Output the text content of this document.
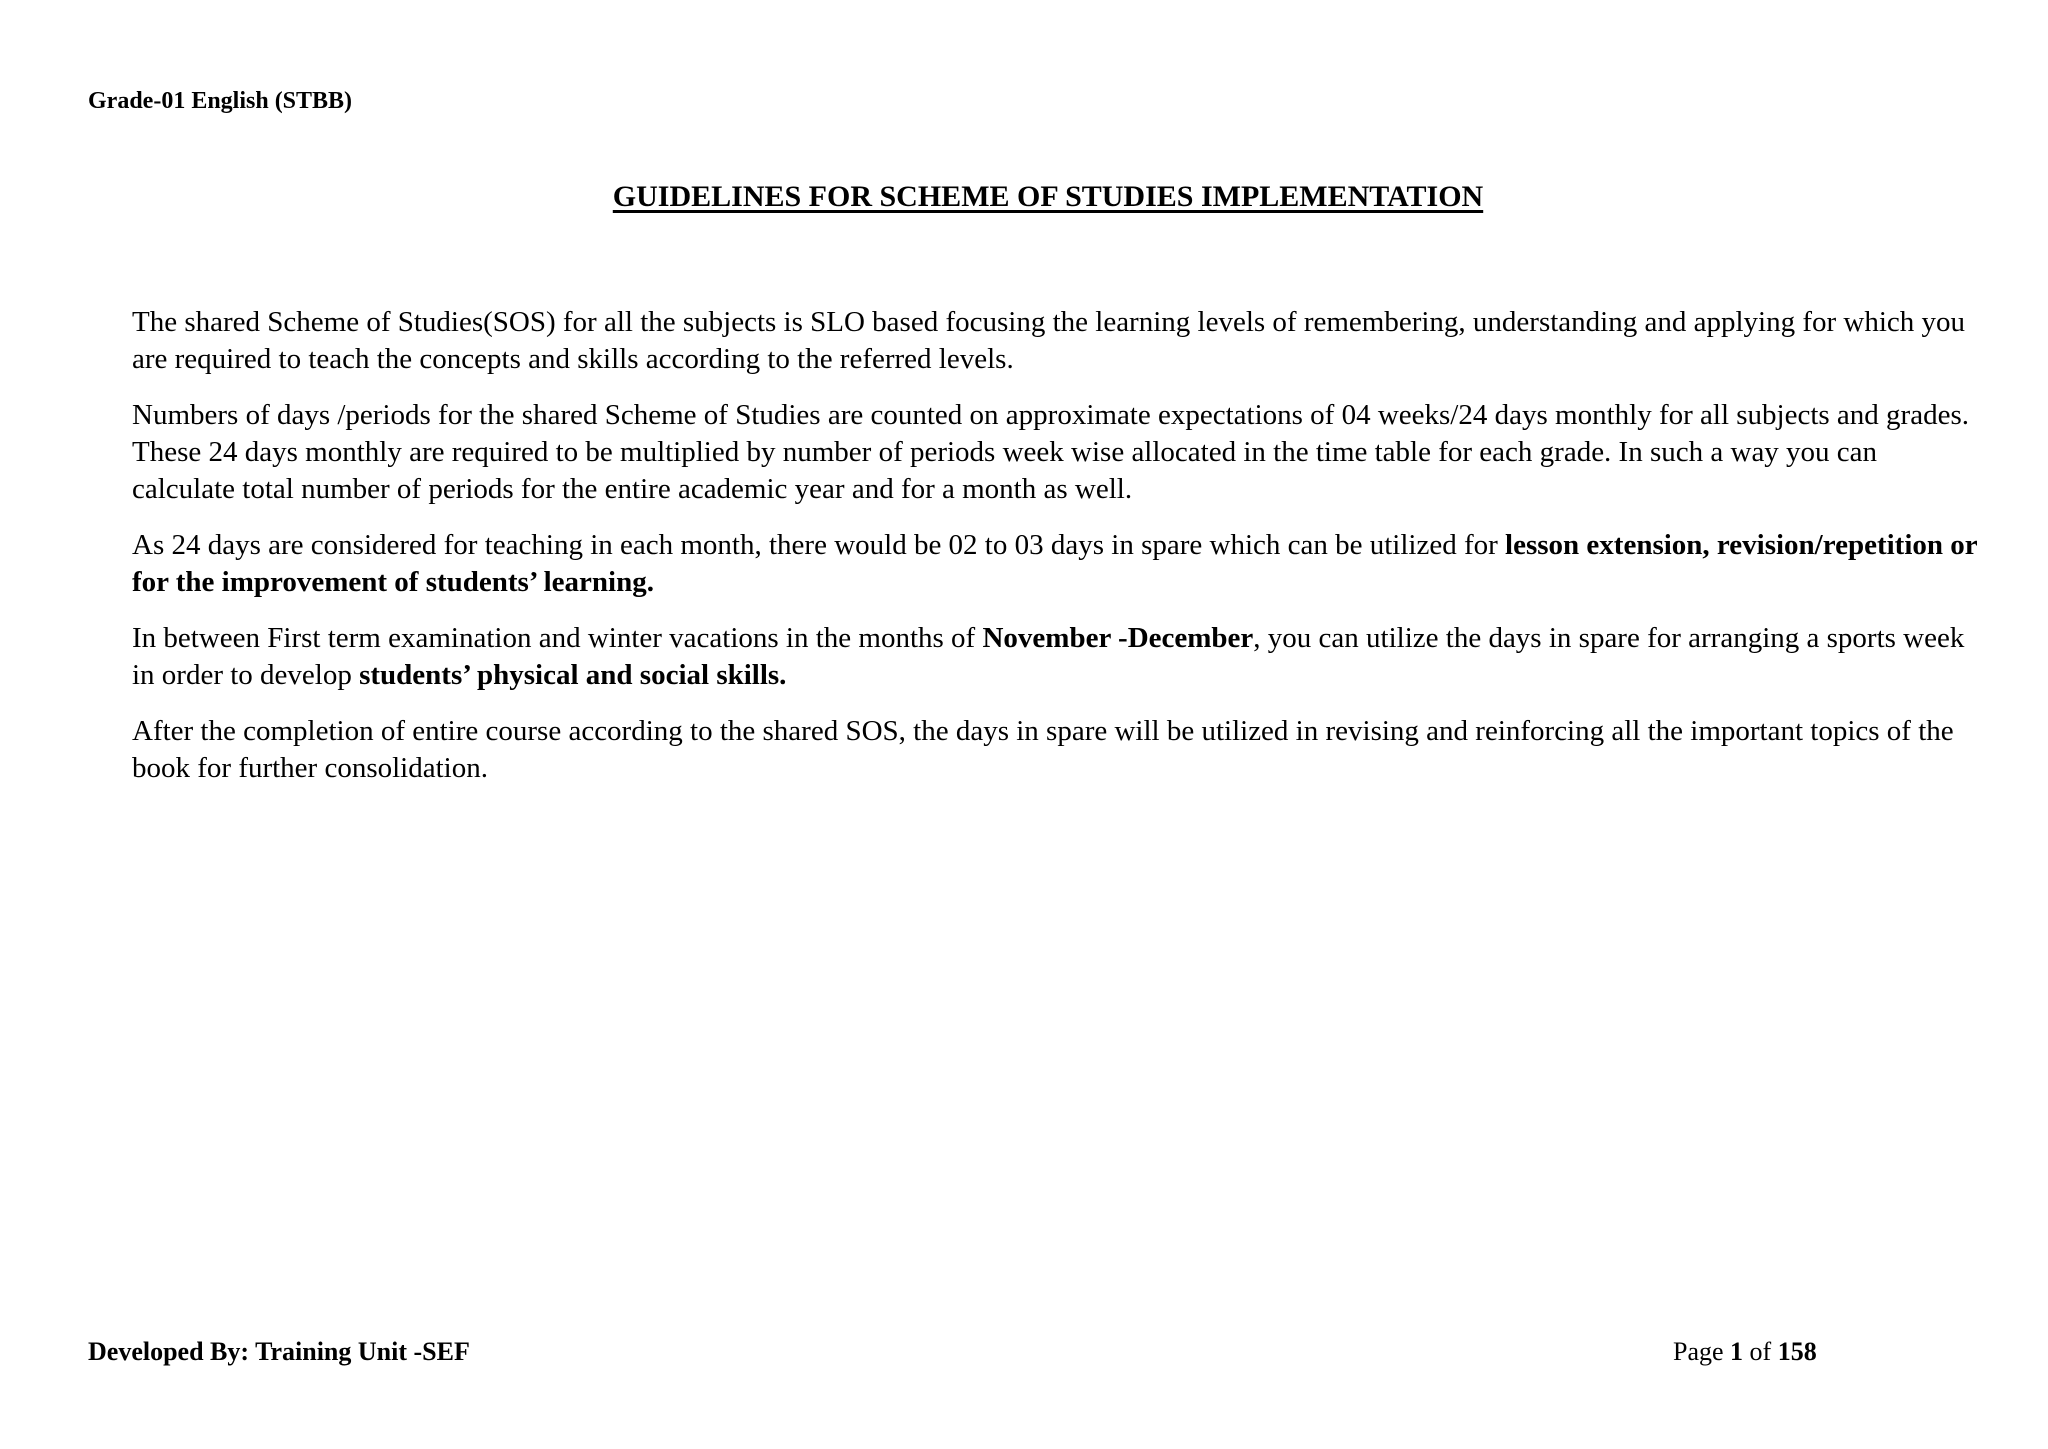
Grade-01 English (STBB)
GUIDELINES FOR SCHEME OF STUDIES IMPLEMENTATION

The shared Scheme of Studies(SOS) for all the subjects is SLO based focusing the learning levels of remembering, understanding and applying for which you are required to teach the concepts and skills according to the referred levels.

Numbers of days /periods for the shared Scheme of Studies are counted on approximate expectations of 04 weeks/24 days monthly for all subjects and grades. These 24 days monthly are required to be multiplied by number of periods week wise allocated in the time table for each grade. In such a way you can calculate total number of periods for the entire academic year and for a month as well.

As 24 days are considered for teaching in each month, there would be 02 to 03 days in spare which can be utilized for lesson extension, revision/repetition or for the improvement of students’ learning.

In between First term examination and winter vacations in the months of November -December, you can utilize the days in spare for arranging a sports week in order to develop students’ physical and social skills.

After the completion of entire course according to the shared SOS, the days in spare will be utilized in revising and reinforcing all the important topics of the book for further consolidation.

Developed By: Training Unit -SEF	Page 1 of 158
